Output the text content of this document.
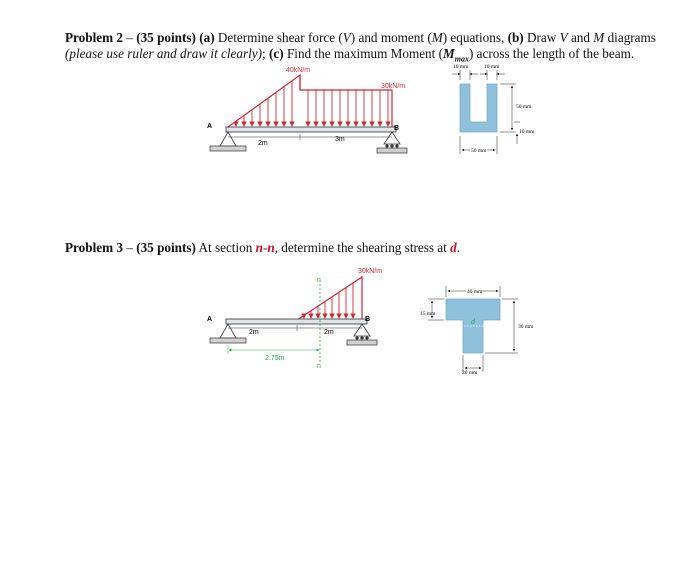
Problem 2 – (35 points) (a) Determine shear force (V) and moment (M) equations, (b) Draw V and M diagrams (please use ruler and draw it clearly); (c) Find the maximum Moment $(M_{max})$ across the length of the beam.
Problem 3 – (35 points) At section n-n, determine the shearing stress at d.
40kN/m
30kN/m
A	B
2m
3m
10 mm	10 mm
50 mm
10 mm
50 mm
30kN/m
A	B
2m	2m
n
n
2.75m
40 mm
15 mm
30 mm
20 mm
d
